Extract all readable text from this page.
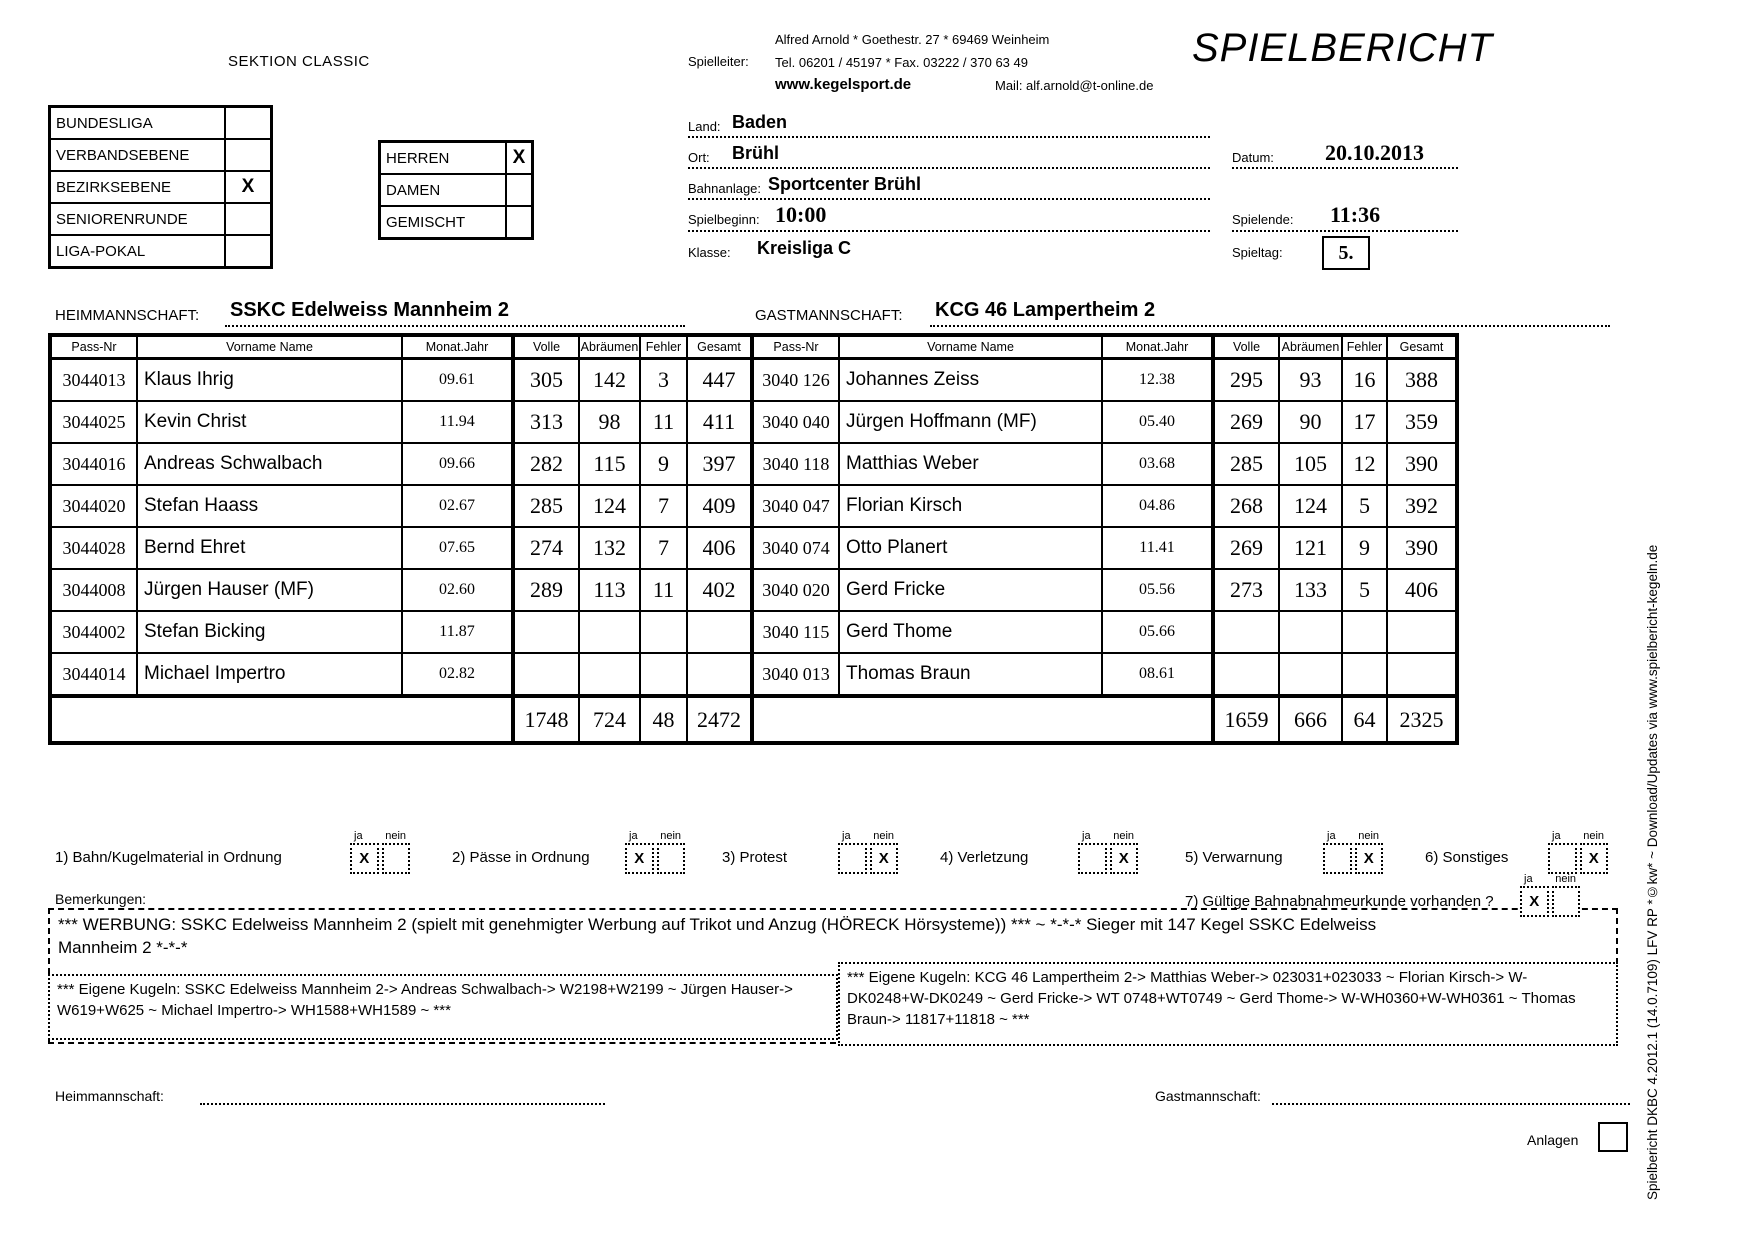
SEKTION CLASSIC	SPIELBERICHT
Spielleiter:
Alfred Arnold * Goethestr. 27 * 69469 Weinheim
Tel. 06201 / 45197 * Fax. 03222 / 370 63 49
www.kegelsport.de	Mail: alf.arnold@t-online.de
BUNDESLIGA
VERBANDSEBENE
BEZIRKSEBENE	X
SENIORENRUNDE
LIGA-POKAL
HERREN	X
DAMEN
GEMISCHT
Land: Baden
Ort: Brühl
Bahnanlage: Sportcenter Brühl
Spielbeginn: 10:00
Klasse: Kreisliga C
Datum: 20.10.2013
Spielende: 11:36
Spieltag:	5.
HEIMMANNSCHAFT: SSKC Edelweiss Mannheim 2	GASTMANNSCHAFT: KCG 46 Lampertheim 2
Pass-Nr	Vorname Name	Monat.Jahr	Volle	Abräumen	Fehler	Gesamt	Pass-Nr	Vorname Name	Monat.Jahr	Volle	Abräumen	Fehler	Gesamt
3044013	Klaus Ihrig	09.61	305	142	3	447	3040 126	Johannes Zeiss	12.38	295	93	16	388
3044025	Kevin Christ	11.94	313	98	11	411	3040 040	Jürgen Hoffmann (MF)	05.40	269	90	17	359
3044016	Andreas Schwalbach	09.66	282	115	9	397	3040 118	Matthias Weber	03.68	285	105	12	390
3044020	Stefan Haass	02.67	285	124	7	409	3040 047	Florian Kirsch	04.86	268	124	5	392
3044028	Bernd Ehret	07.65	274	132	7	406	3040 074	Otto Planert	11.41	269	121	9	390
3044008	Jürgen Hauser (MF)	02.60	289	113	11	402	3040 020	Gerd Fricke	05.56	273	133	5	406
3044002	Stefan Bicking	11.87					3040 115	Gerd Thome	05.66				
3044014	Michael Impertro	02.82					3040 013	Thomas Braun	08.61				
			1748	724	48	2472				1659	666	64	2325
1) Bahn/Kugelmaterial in Ordnung
ja nein
X	2) Pässe in Ordnung
ja nein
X	3) Protest
ja nein
X	4) Verletzung
ja nein
X	5) Verwarnung
ja nein
X	6) Sonstiges
ja nein
X
7) Gültige Bahnabnahmeurkunde vorhanden ?
ja nein
X
Bemerkungen:
*** WERBUNG: SSKC Edelweiss Mannheim 2 (spielt mit genehmigter Werbung auf Trikot und Anzug (HÖRECK Hörsysteme)) *** ~ *-*-* Sieger mit 147 Kegel SSKC Edelweiss Mannheim 2 *-*-*
*** Eigene Kugeln: SSKC Edelweiss Mannheim 2-> Andreas Schwalbach-> W2198+W2199 ~ Jürgen Hauser-> W619+W625 ~ Michael Impertro-> WH1588+WH1589 ~ ***
*** Eigene Kugeln: KCG 46 Lampertheim 2-> Matthias Weber-> 023031+023033 ~ Florian Kirsch-> W-DK0248+W-DK0249 ~ Gerd Fricke-> WT 0748+WT0749 ~ Gerd Thome-> W-WH0360+W-WH0361 ~ Thomas Braun-> 11817+11818 ~ ***
Heimmannschaft:	Gastmannschaft:
Anlagen	Spielbericht DKBC 4.2012.1 (14.0.7109) LFV RP *©kw* ~ Download/Updates via www.spielbericht-kegeln.de
